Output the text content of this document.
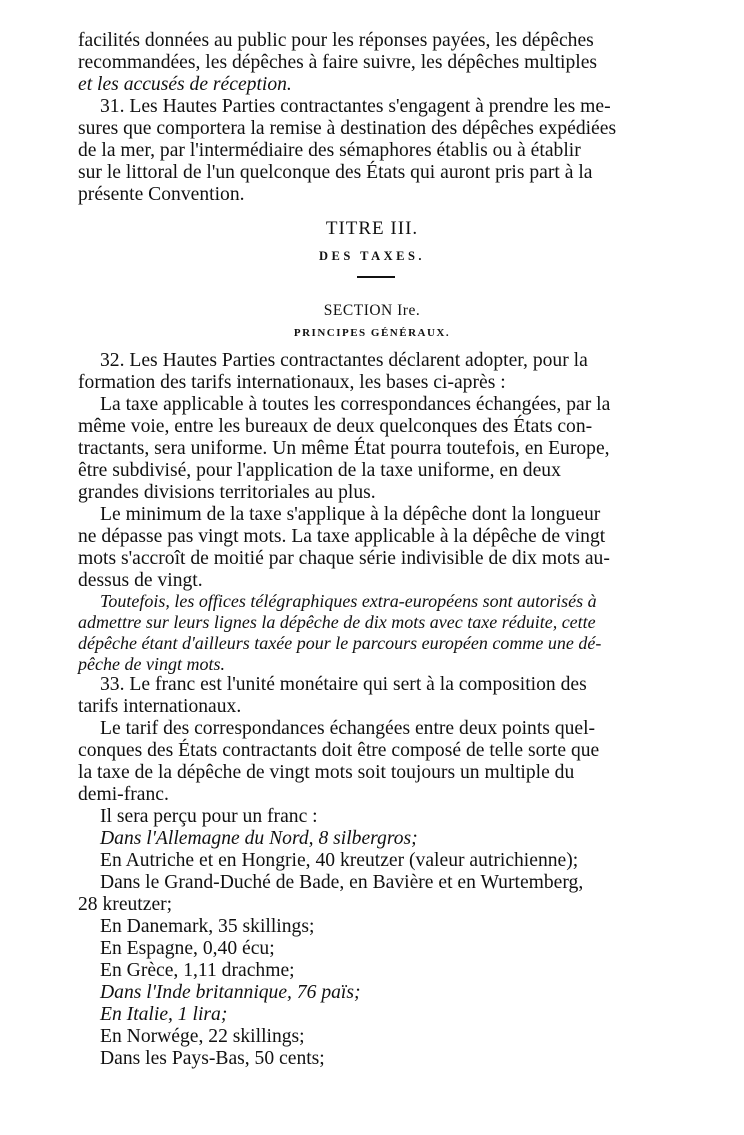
facilités données au public pour les réponses payées, les dépêches

recommandées, les dépêches à faire suivre, les dépêches multiples

et les accusés de réception.

31. Les Hautes Parties contractantes s'engagent à prendre les me-

sures que comportera la remise à destination des dépêches expédiées

de la mer, par l'intermédiaire des sémaphores établis ou à établir

sur le littoral de l'un quelconque des États qui auront pris part à la

présente Convention.

TITRE III.

DES TAXES.

SECTION Ire.

PRINCIPES GÉNÉRAUX.

32. Les Hautes Parties contractantes déclarent adopter, pour la

formation des tarifs internationaux, les bases ci-après :

La taxe applicable à toutes les correspondances échangées, par la

même voie, entre les bureaux de deux quelconques des États con-

tractants, sera uniforme. Un même État pourra toutefois, en Europe,

être subdivisé, pour l'application de la taxe uniforme, en deux

grandes divisions territoriales au plus.

Le minimum de la taxe s'applique à la dépêche dont la longueur

ne dépasse pas vingt mots. La taxe applicable à la dépêche de vingt

mots s'accroît de moitié par chaque série indivisible de dix mots au-

dessus de vingt.

Toutefois, les offices télégraphiques extra-européens sont autorisés à

admettre sur leurs lignes la dépêche de dix mots avec taxe réduite, cette

dépêche étant d'ailleurs taxée pour le parcours européen comme une dé-

pêche de vingt mots.

33. Le franc est l'unité monétaire qui sert à la composition des

tarifs internationaux.

Le tarif des correspondances échangées entre deux points quel-

conques des États contractants doit être composé de telle sorte que

la taxe de la dépêche de vingt mots soit toujours un multiple du

demi-franc.

Il sera perçu pour un franc :

Dans l'Allemagne du Nord, 8 silbergros;

En Autriche et en Hongrie, 40 kreutzer (valeur autrichienne);

Dans le Grand-Duché de Bade, en Bavière et en Wurtemberg,

28 kreutzer;

En Danemark, 35 skillings;

En Espagne, 0,40 écu;

En Grèce, 1,11 drachme;

Dans l'Inde britannique, 76 païs;

En Italie, 1 lira;

En Norwége, 22 skillings;

Dans les Pays-Bas, 50 cents;
